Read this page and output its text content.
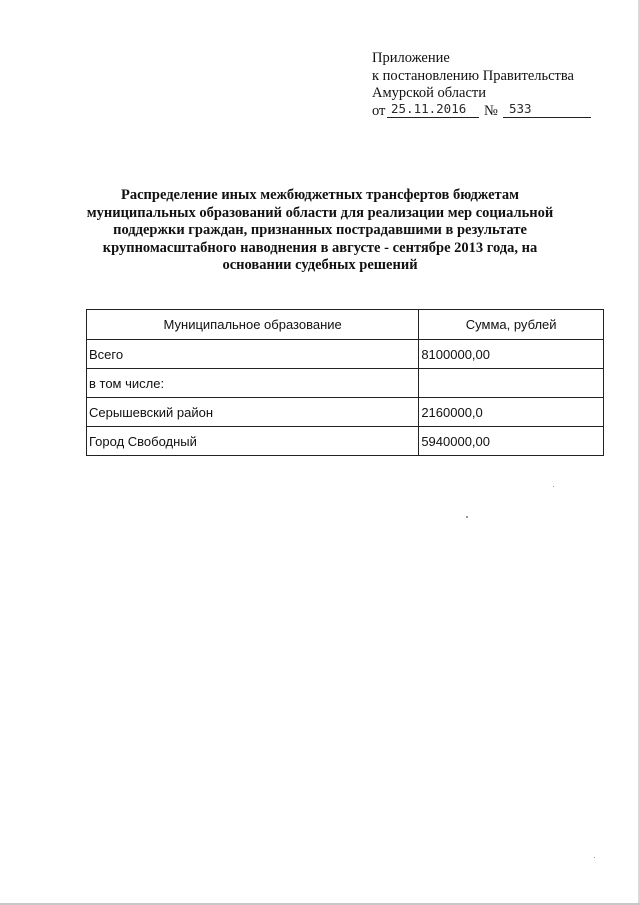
Приложение
к постановлению Правительства
Амурской области
от 25.11.2016	№ 533
Распределение иных межбюджетных трансфертов бюджетам
муниципальных образований области для реализации мер социальной
поддержки граждан, признанных пострадавшими в результате
крупномасштабного наводнения в августе - сентябре 2013 года, на
основании судебных решений
Муниципальное образование	Сумма, рублей
Всего	8100000,00
в том числе:	
Серышевский район	2160000,0
Город Свободный	5940000,00
